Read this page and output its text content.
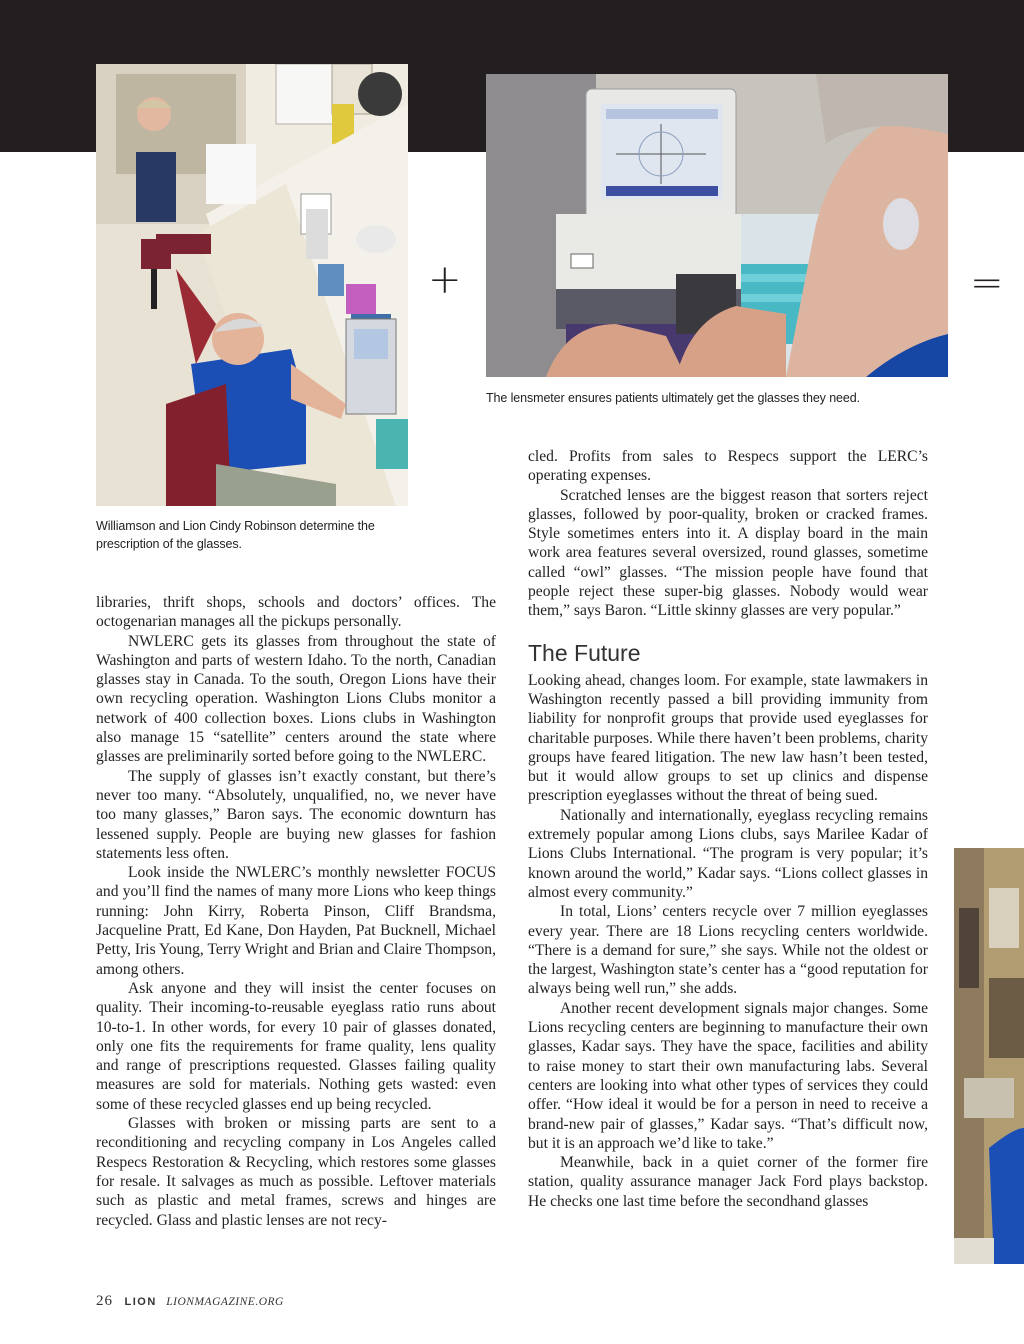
+	=
Williamson and Lion Cindy Robinson determine the prescription of the glasses.
The lensmeter ensures patients ultimately get the glasses they need.

libraries, thrift shops, schools and doctors’ offices. The octogenarian manages all the pickups personally.

NWLERC gets its glasses from throughout the state of Washington and parts of western Idaho. To the north, Canadian glasses stay in Canada. To the south, Oregon Lions have their own recycling operation. Washington Lions Clubs monitor a network of 400 collection boxes. Lions clubs in Washington also manage 15 “satellite” centers around the state where glasses are preliminarily sorted before going to the NWLERC.

The supply of glasses isn’t exactly constant, but there’s never too many. “Absolutely, unqualified, no, we never have too many glasses,” Baron says. The economic downturn has lessened supply. People are buying new glasses for fashion statements less often.

Look inside the NWLERC’s monthly newsletter FOCUS and you’ll find the names of many more Lions who keep things running: John Kirry, Roberta Pinson, Cliff Brandsma, Jacqueline Pratt, Ed Kane, Don Hayden, Pat Bucknell, Michael Petty, Iris Young, Terry Wright and Brian and Claire Thompson, among others.

Ask anyone and they will insist the center focuses on quality. Their incoming-to-reusable eyeglass ratio runs about 10-to-1. In other words, for every 10 pair of glasses donated, only one fits the requirements for frame quality, lens quality and range of prescriptions requested. Glasses failing quality measures are sold for materials. Nothing gets wasted: even some of these recycled glasses end up being recycled.

Glasses with broken or missing parts are sent to a reconditioning and recycling company in Los Angeles called Respecs Restoration & Recycling, which restores some glasses for resale. It salvages as much as possible. Leftover materials such as plastic and metal frames, screws and hinges are recycled. Glass and plastic lenses are not recy-

cled. Profits from sales to Respecs support the LERC’s operating expenses.

Scratched lenses are the biggest reason that sorters reject glasses, followed by poor-quality, broken or cracked frames. Style sometimes enters into it. A display board in the main work area features several oversized, round glasses, sometime called “owl” glasses. “The mission people have found that people reject these super-big glasses. Nobody would wear them,” says Baron. “Little skinny glasses are very popular.”

The Future

Looking ahead, changes loom. For example, state lawmakers in Washington recently passed a bill providing immunity from liability for nonprofit groups that provide used eyeglasses for charitable purposes. While there haven’t been problems, charity groups have feared litigation. The new law hasn’t been tested, but it would allow groups to set up clinics and dispense prescription eyeglasses without the threat of being sued.

Nationally and internationally, eyeglass recycling remains extremely popular among Lions clubs, says Marilee Kadar of Lions Clubs International. “The program is very popular; it’s known around the world,” Kadar says. “Lions collect glasses in almost every community.”

In total, Lions’ centers recycle over 7 million eyeglasses every year. There are 18 Lions recycling centers worldwide. “There is a demand for sure,” she says. While not the oldest or the largest, Washington state’s center has a “good reputation for always being well run,” she adds.

Another recent development signals major changes. Some Lions recycling centers are beginning to manufacture their own glasses, Kadar says. They have the space, facilities and ability to raise money to start their own manufacturing labs. Several centers are looking into what other types of services they could offer. “How ideal it would be for a person in need to receive a brand-new pair of glasses,” Kadar says. “That’s difficult now, but it is an approach we’d like to take.”

Meanwhile, back in a quiet corner of the former fire station, quality assurance manager Jack Ford plays backstop. He checks one last time before the secondhand glasses

26 LION LIONMAGAZINE.ORG
